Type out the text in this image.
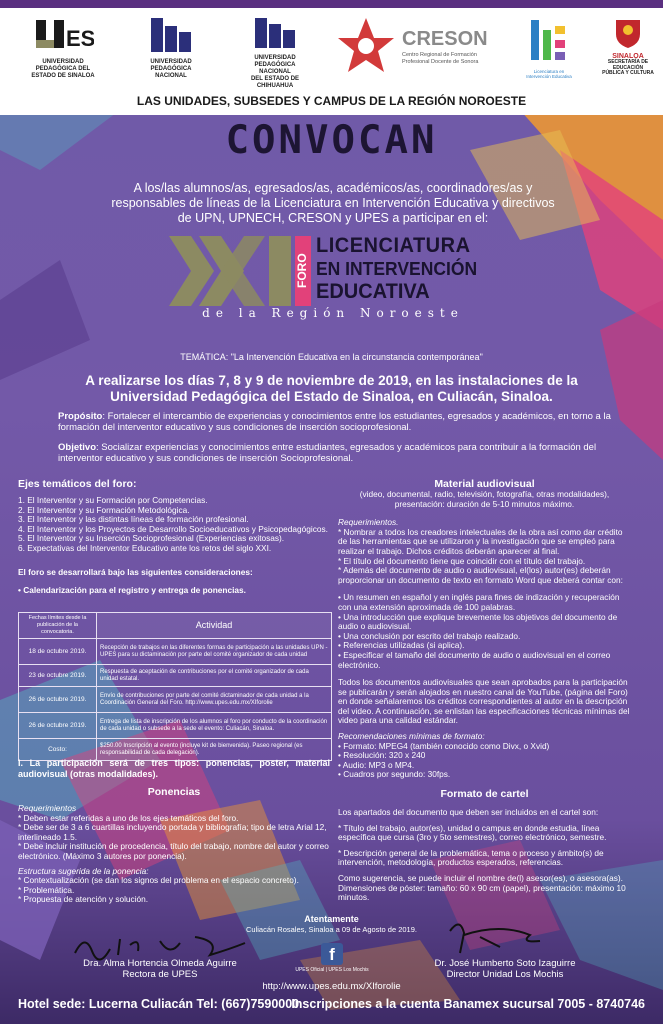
ES
UNIVERSIDAD
PEDAGÓGICA DEL
ESTADO DE SINALOA
UNIVERSIDAD
PEDAGÓGICA
NACIONAL
UNIVERSIDAD
PEDAGÓGICA
NACIONAL
DEL ESTADO DE CHIHUAHUA
CRESON
Centro Regional de Formación
Profesional Docente de Sonora
Licenciatura en
Intervención Educativa
SINALOA
SECRETARÍA DE
EDUCACIÓN
PÚBLICA Y CULTURA
LAS UNIDADES, SUBSEDES Y CAMPUS DE LA REGIÓN NOROESTE
CONVOCAN
A los/las alumnos/as, egresados/as, académicos/as, coordinadores/as y responsables de líneas de la Licenciatura en Intervención Educativa y directivos de UPN, UPNECH, CRESON y UPES a participar en el:
FORO
LICENCIATURA
EN INTERVENCIÓN
EDUCATIVA
de la Región Noroeste
TEMÁTICA: "La Intervención Educativa en la circunstancia contemporánea"
A realizarse los días 7, 8 y 9 de noviembre de 2019, en las instalaciones de la Universidad Pedagógica del Estado de Sinaloa, en Culiacán, Sinaloa.
Propósito: Fortalecer el intercambio de experiencias y conocimientos entre los estudiantes, egresados y académicos, en torno a la formación del interventor educativo y sus condiciones de inserción socioprofesional.
Objetivo: Socializar experiencias y conocimientos entre estudiantes, egresados y académicos para contribuir a la formación del interventor educativo y sus condiciones de inserción Socioprofesional.
Ejes temáticos del foro:
1. El Interventor y su Formación por Competencias.
2. El Interventor y su Formación Metodológica.
3. El Interventor y las distintas líneas de formación profesional.
4. El Interventor y los Proyectos de Desarrollo Socioeducativos y Psicopedagógicos.
5. El Interventor y su Inserción Socioprofesional (Experiencias exitosas).
6. Expectativas del Interventor Educativo ante los retos del siglo XXI.
El foro se desarrollará bajo las siguientes consideraciones:
• Calendarización para el registro y entrega de ponencias.
Fechas límites desde la publicación de la convocatoria.	Actividad
18 de octubre 2019.	Recepción de trabajos en las diferentes formas de participación a las unidades UPN - UPES para su dictaminación por parte del comité organizador de cada unidad
23 de octubre 2019.	Respuesta de aceptación de contribuciones por el comité organizador de cada unidad estatal.
26 de octubre 2019.	Envío de contribuciones por parte del comité dictaminador de cada unidad a la Coordinación General del Foro. http://www.upes.edu.mx/XIforolie
26 de octubre 2019.	Entrega de lista de inscripción de los alumnos al foro por conducto de la coordinación de cada unidad o subsede a la sede el evento: Culiacán, Sinaloa.
Costo:	$250.00 Inscripción al evento (incluye kit de bienvenida). Paseo regional (es responsabilidad de cada delegación).
I. La participación será de tres tipos: ponencias, poster, material audiovisual (otras modalidades).
Ponencias
Requerimientos
* Deben estar referidas a uno de los ejes temáticos del foro.
* Debe ser de 3 a 6 cuartillas incluyendo portada y bibliografía; tipo de letra Arial 12, interlineado 1.5.
* Debe incluir institución de procedencia, título del trabajo, nombre del autor y correo electrónico. (Máximo 3 autores por ponencia).
Estructura sugerida de la ponencia:
* Contextualización (se dan los signos del problema en el espacio concreto).
* Problemática.
* Propuesta de atención y solución.
Material audiovisual
(video, documental, radio, televisión, fotografía, otras modalidades), presentación: duración de 5-10 minutos máximo.
Requerimientos.
* Nombrar a todos los creadores intelectuales de la obra así como dar crédito de las herramientas que se utilizaron y la investigación que se empleó para realizar el trabajo. Dichos créditos deberán aparecer al final.
* El título del documento tiene que coincidir con el título del trabajo.
* Además del documento de audio o audiovisual, el(los) autor(es) deberán proporcionar un documento de texto en formato Word que deberá contar con:
• Un resumen en español y en inglés para fines de indización y recuperación con una extensión aproximada de 100 palabras.
• Una introducción que explique brevemente los objetivos del documento de audio o audiovisual.
• Una conclusión por escrito del trabajo realizado.
• Referencias utilizadas (si aplica).
• Especificar el tamaño del documento de audio o audiovisual en el correo electrónico.
Todos los documentos audiovisuales que sean aprobados para la participación se publicarán y serán alojados en nuestro canal de YouTube, (página del Foro) en donde señalaremos los créditos correspondientes al autor en la descripción del video. A continuación, se enlistan las especificaciones técnicas mínimas del video para una calidad estándar.
Recomendaciones mínimas de formato:
• Formato: MPEG4 (también conocido como Divx, o Xvid)
• Resolución: 320 x 240
• Audio: MP3 o MP4.
• Cuadros por segundo: 30fps.
Formato de cartel
Los apartados del documento que deben ser incluidos en el cartel son:
* Título del trabajo, autor(es), unidad o campus en donde estudia, línea específica que cursa (3ro y 5to semestres), correo electrónico, semestre.
* Descripción general de la problemática, tema o proceso y ámbito(s) de intervención, metodología, productos esperados, referencias.
Como sugerencia, se puede incluir el nombre de(l) asesor(es), o asesora(as). Dimensiones de póster: tamaño: 60 x 90 cm (papel), presentación: máximo 10 minutos.
Atentamente
Culiacán Rosales, Sinaloa a 09 de Agosto de 2019.
Dra. Alma Hortencia Olmeda Aguirre
Rectora de UPES
Dr. José Humberto Soto Izaguirre
Director Unidad Los Mochis
f
UPES Oficial | UPES Los Mochis
http://www.upes.edu.mx/XIforolie
Hotel sede: Lucerna Culiacán Tel: (667)7590000
Inscripciones a la cuenta Banamex sucursal 7005 - 8740746
